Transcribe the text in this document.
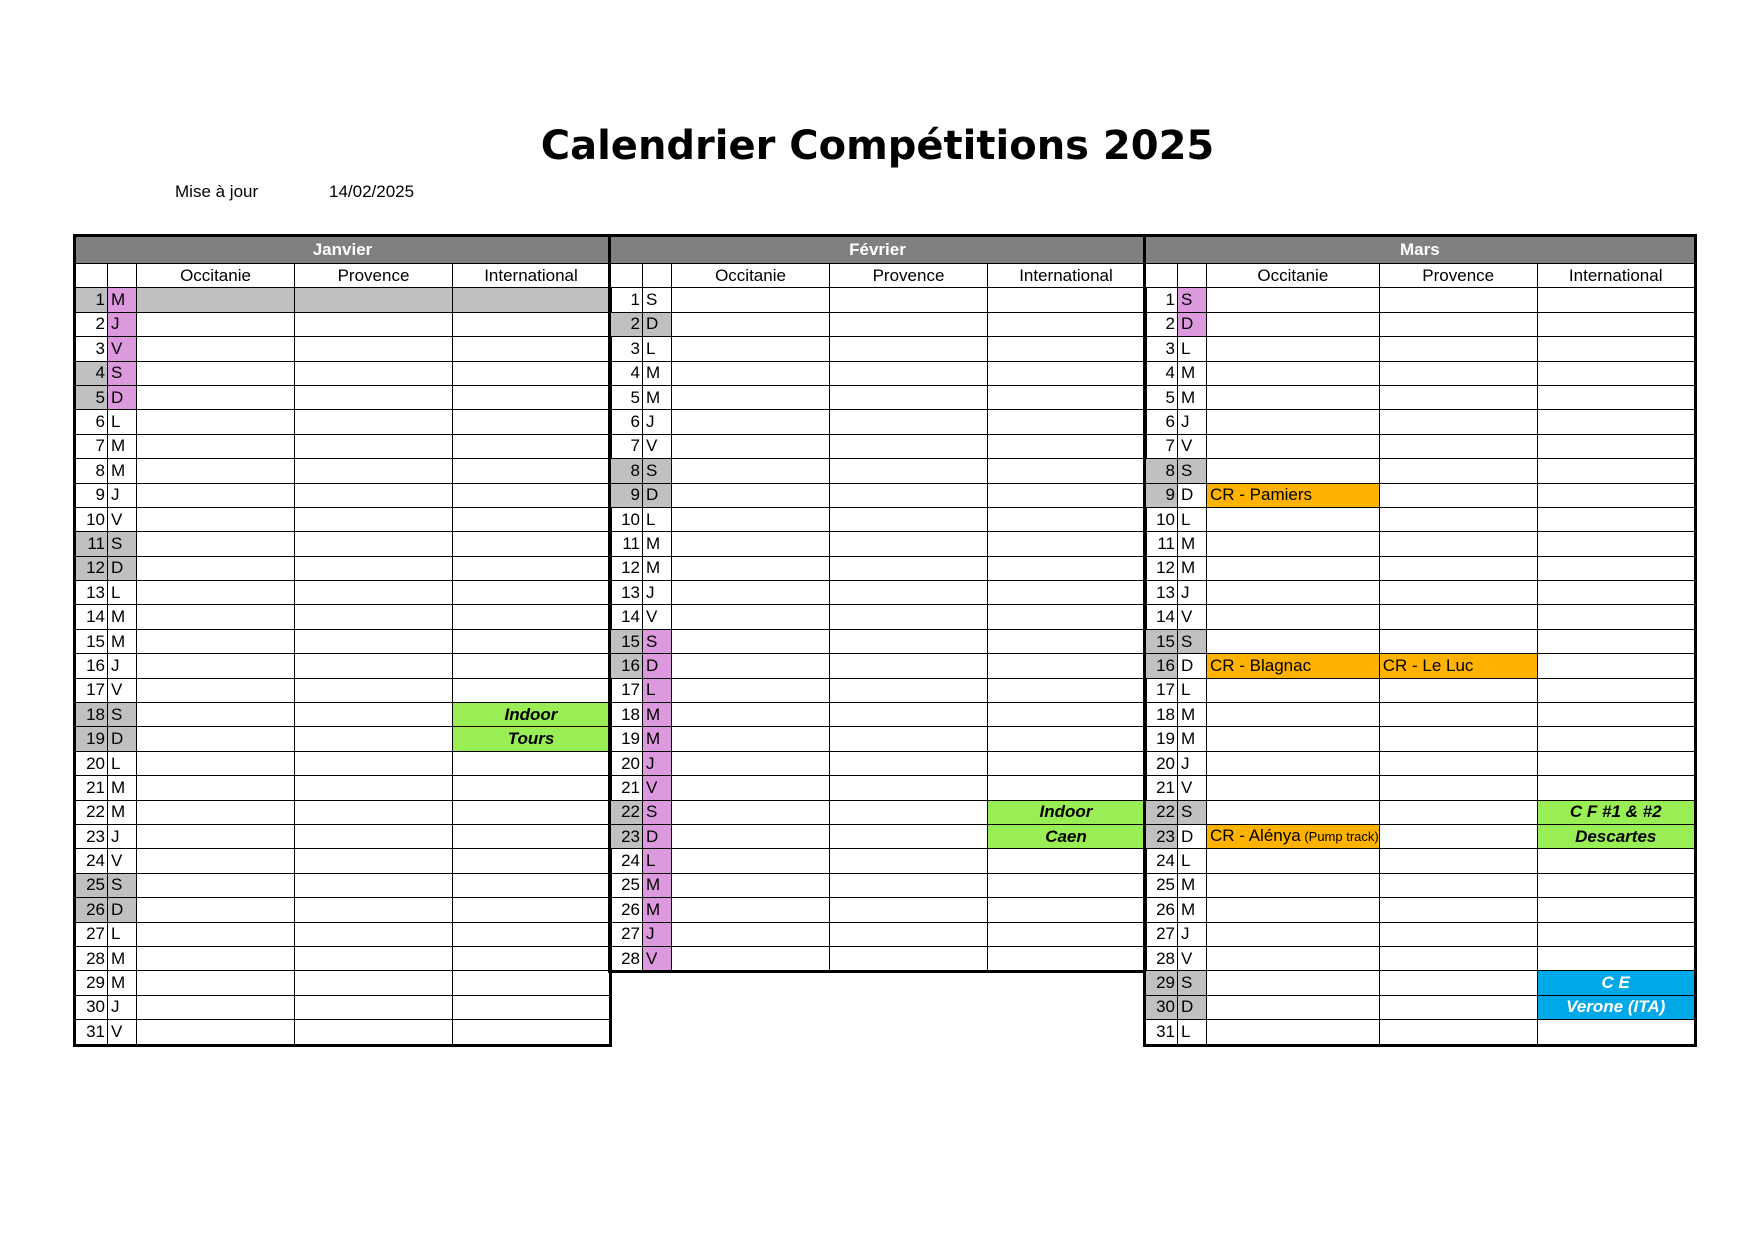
Calendrier Compétitions 2025
Mise à jour	14/02/2025
Janvier				
		Occitanie	Provence	International
1	M			
2	J			
3	V			
4	S			
5	D			
6	L			
7	M			
8	M			
9	J			
10	V			
11	S			
12	D			
13	L			
14	M			
15	M			
16	J			
17	V			
18	S			Indoor
19	D			Tours
20	L			
21	M			
22	M			
23	J			
24	V			
25	S			
26	D			
27	L			
28	M			
29	M			
30	J			
31	V			
Février				
		Occitanie	Provence	International
1	S			
2	D			
3	L			
4	M			
5	M			
6	J			
7	V			
8	S			
9	D			
10	L			
11	M			
12	M			
13	J			
14	V			
15	S			
16	D			
17	L			
18	M			
19	M			
20	J			
21	V			
22	S			Indoor
23	D			Caen
24	L			
25	M			
26	M			
27	J			
28	V			
Mars				
		Occitanie	Provence	International
1	S			
2	D			
3	L			
4	M			
5	M			
6	J			
7	V			
8	S			
9	D	CR - Pamiers		
10	L			
11	M			
12	M			
13	J			
14	V			
15	S			
16	D	CR - Blagnac	CR - Le Luc	
17	L			
18	M			
19	M			
20	J			
21	V			
22	S			C F #1 & #2
23	D	CR - Alénya (Pump track)		Descartes
24	L			
25	M			
26	M			
27	J			
28	V			
29	S			C E
30	D			Verone (ITA)
31	L			
